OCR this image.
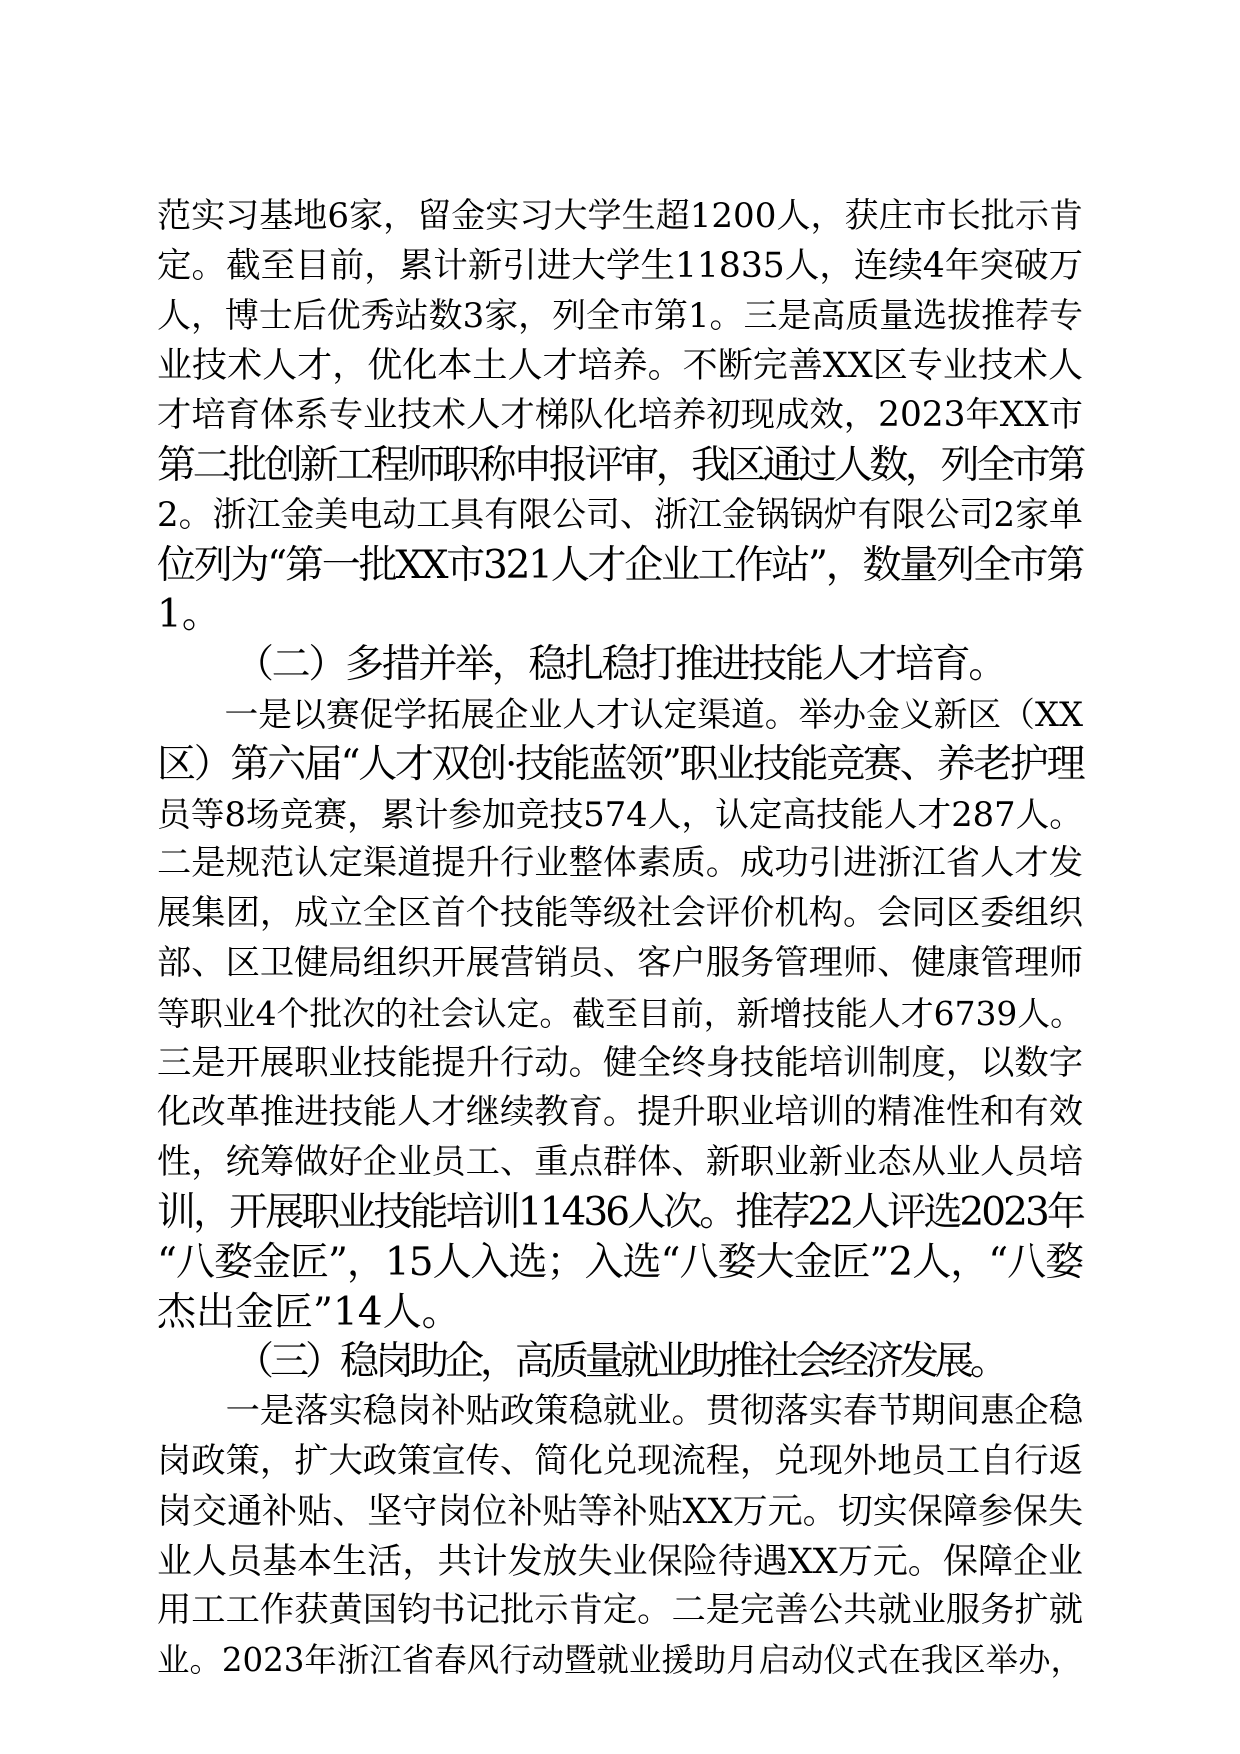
范实习基地6家，留金实习大学生超1200人，获庄市长批示肯
定。截至目前，累计新引进大学生11835人，连续4年突破万
人，博士后优秀站数3家，列全市第1。三是高质量选拔推荐专
业技术人才，优化本土人才培养。不断完善XX区专业技术人
才培育体系专业技术人才梯队化培养初现成效，2023年XX市
第二批创新工程师职称申报评审，我区通过人数，列全市第
2。浙江金美电动工具有限公司、浙江金锅锅炉有限公司2家单
位列为“第一批XX市321人才企业工作站”，数量列全市第
1。

（二）多措并举，稳扎稳打推进技能人才培育。

　　一是以赛促学拓展企业人才认定渠道。举办金义新区（XX
区）第六届“人才双创·技能蓝领”职业技能竞赛、养老护理
员等8场竞赛，累计参加竞技574人，认定高技能人才287人。
二是规范认定渠道提升行业整体素质。成功引进浙江省人才发
展集团，成立全区首个技能等级社会评价机构。会同区委组织
部、区卫健局组织开展营销员、客户服务管理师、健康管理师
等职业4个批次的社会认定。截至目前，新增技能人才6739人。
三是开展职业技能提升行动。健全终身技能培训制度，以数字
化改革推进技能人才继续教育。提升职业培训的精准性和有效
性，统筹做好企业员工、重点群体、新职业新业态从业人员培
训，开展职业技能培训11436人次。推荐22人评选2023年
“八婺金匠”，15人入选；入选“八婺大金匠”2人，“八婺
杰出金匠”14人。

（三）稳岗助企，高质量就业助推社会经济发展。

　　一是落实稳岗补贴政策稳就业。贯彻落实春节期间惠企稳
岗政策，扩大政策宣传、简化兑现流程，兑现外地员工自行返
岗交通补贴、坚守岗位补贴等补贴XX万元。切实保障参保失
业人员基本生活，共计发放失业保险待遇XX万元。保障企业
用工工作获黄国钧书记批示肯定。二是完善公共就业服务扩就
业。2023年浙江省春风行动暨就业援助月启动仪式在我区举办，
